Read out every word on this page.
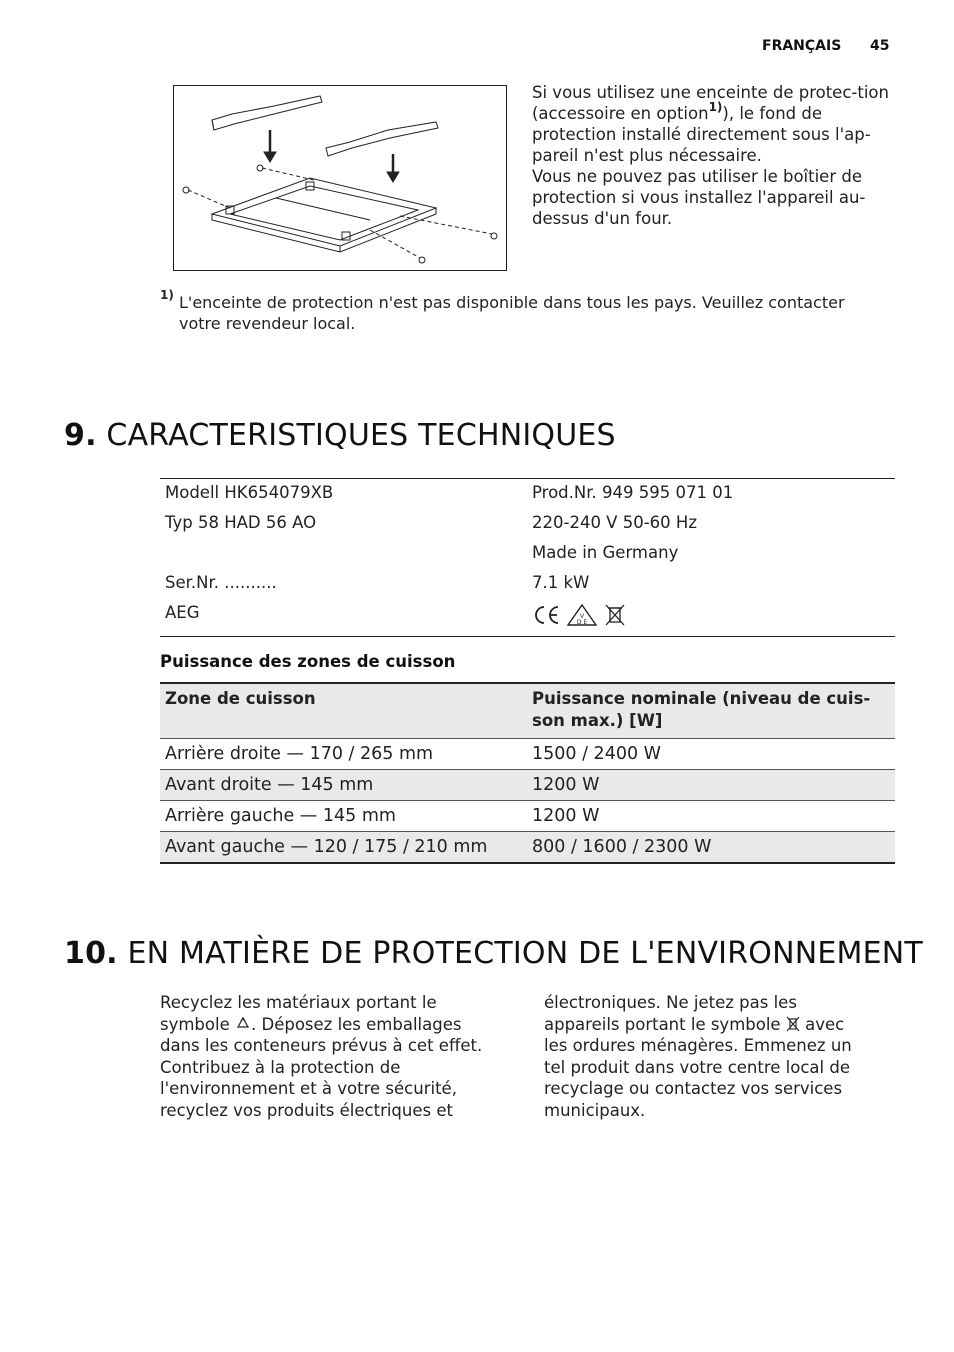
FRANÇAIS 45
Si vous utilisez une enceinte de protec-tion (accessoire en option$^{1)}$), le fond de protection installé directement sous l'ap-pareil n'est plus nécessaire.
Vous ne pouvez pas utiliser le boîtier de protection si vous installez l'appareil au-dessus d'un four.
1) L'enceinte de protection n'est pas disponible dans tous les pays. Veuillez contacter votre revendeur local.
9. CARACTERISTIQUES TECHNIQUES
Modell HK654079XB	Prod.Nr. 949 595 071 01
Typ 58 HAD 56 AO	220-240 V 50-60 Hz
	Made in Germany
Ser.Nr. ..........	7.1 kW
AEG	V
D E
Puissance des zones de cuisson
Zone de cuisson	Puissance nominale (niveau de cuis-son max.) [W]
Arrière droite — 170 / 265 mm	1500 / 2400 W
Avant droite — 145 mm	1200 W
Arrière gauche — 145 mm	1200 W
Avant gauche — 120 / 175 / 210 mm	800 / 1600 / 2300 W
10. EN MATIÈRE DE PROTECTION DE L'ENVIRONNEMENT
Recyclez les matériaux portant le symbole . Déposez les emballages dans les conteneurs prévus à cet effet.
Contribuez à la protection de l'environnement et à votre sécurité, recyclez vos produits électriques et
électroniques. Ne jetez pas les appareils portant le symbole avec les ordures ménagères. Emmenez un tel produit dans votre centre local de recyclage ou contactez vos services municipaux.
